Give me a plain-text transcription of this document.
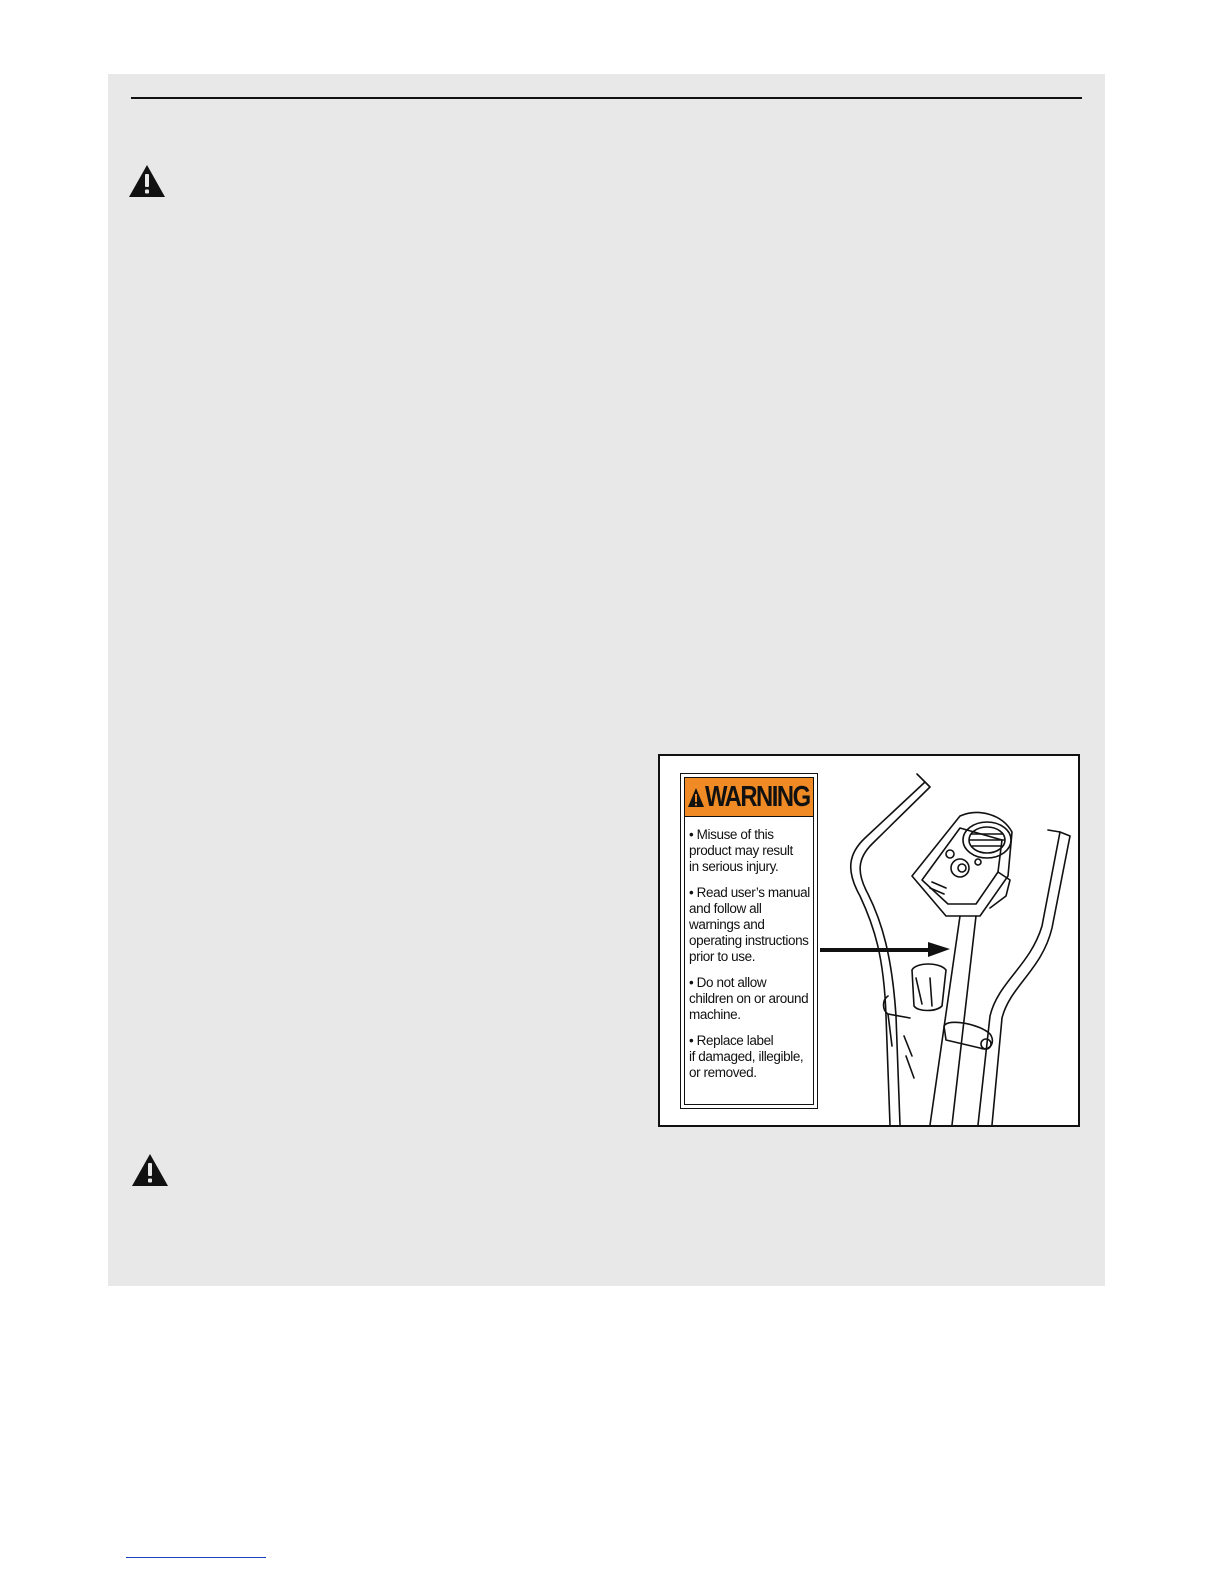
WARNING
• Misuse of this
product may result
in serious injury.
• Read user’s manual
and follow all
warnings and
operating instructions
prior to use.
• Do not allow
children on or around
machine.
• Replace label
if damaged, illegible,
or removed.
